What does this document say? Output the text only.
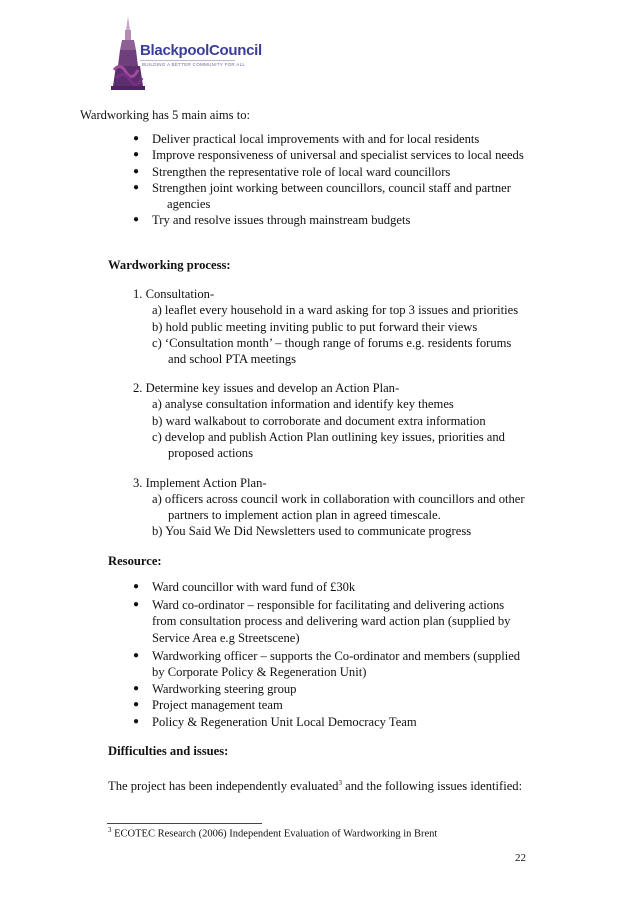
BlackpoolCouncil
BUILDING A BETTER COMMUNITY FOR ALL
Wardworking has 5 main aims to:
● Deliver practical local improvements with and for local residents
● Improve responsiveness of universal and specialist services to local needs
● Strengthen the representative role of local ward councillors
● Strengthen joint working between councillors, council staff and partner
agencies
● Try and resolve issues through mainstream budgets
Wardworking process:
1. Consultation-
a) leaflet every household in a ward asking for top 3 issues and priorities
b) hold public meeting inviting public to put forward their views
c) ‘Consultation month’ – though range of forums e.g. residents forums
and school PTA meetings
2. Determine key issues and develop an Action Plan-
a) analyse consultation information and identify key themes
b) ward walkabout to corroborate and document extra information
c) develop and publish Action Plan outlining key issues, priorities and
proposed actions
3. Implement Action Plan-
a) officers across council work in collaboration with councillors and other
partners to implement action plan in agreed timescale.
b) You Said We Did Newsletters used to communicate progress
Resource:
● Ward councillor with ward fund of £30k
● Ward co-ordinator – responsible for facilitating and delivering actions
from consultation process and delivering ward action plan (supplied by
Service Area e.g Streetscene)
● Wardworking officer – supports the Co-ordinator and members (supplied
by Corporate Policy & Regeneration Unit)
● Wardworking steering group
● Project management team
● Policy & Regeneration Unit Local Democracy Team
Difficulties and issues:
The project has been independently evaluated$^3$ and the following issues identified:
$^3$ ECOTEC Research (2006) Independent Evaluation of Wardworking in Brent
22
